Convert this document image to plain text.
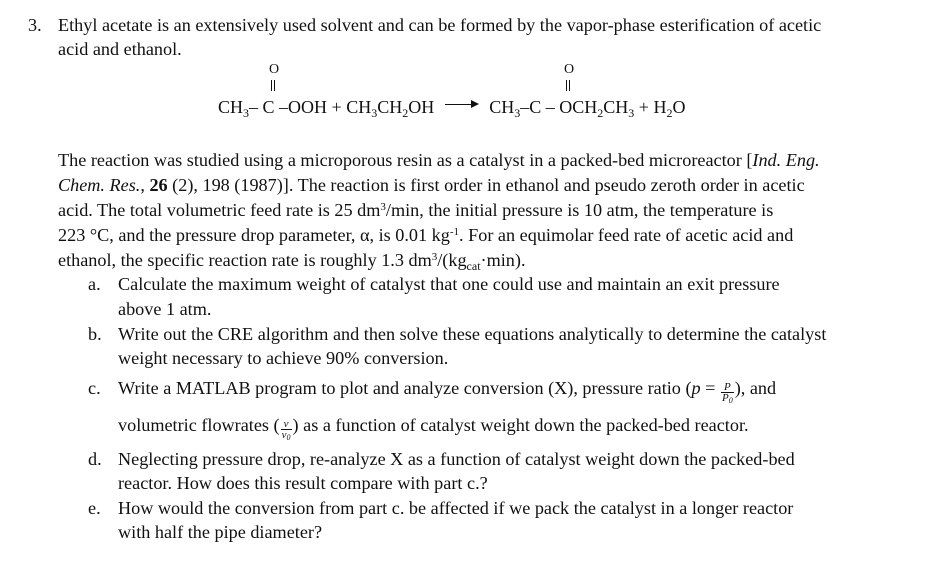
3. Ethyl acetate is an extensively used solvent and can be formed by the vapor-phase esterification of acetic
acid and ethanol.
O	O
$CH_3-$ C $-OOH + CH_3CH_2OH$	$CH_3-C - OCH_2CH_3 + H_2O$
The reaction was studied using a microporous resin as a catalyst in a packed-bed microreactor [Ind. Eng.
Chem. Res., 26 (2), 198 (1987)]. The reaction is first order in ethanol and pseudo zeroth order in acetic
acid. The total volumetric feed rate is 25 $dm^3/\min$, the initial pressure is 10 atm, the temperature is
223 °C, and the pressure drop parameter, α, is 0.01 $kg^{-1}$. For an equimolar feed rate of acetic acid and
ethanol, the specific reaction rate is roughly 1.3 $dm^3/(kg_{cat}\cdot\min)$.
a. Calculate the maximum weight of catalyst that one could use and maintain an exit pressure
above 1 atm.
b. Write out the CRE algorithm and then solve these equations analytically to determine the catalyst
weight necessary to achieve 90% conversion.
c. Write a MATLAB program to plot and analyze conversion (X), pressure ratio ($p = \frac{P}{P_0}$ ), and
volumetric flowrates ( $\frac{v}{v_0}$ ) as a function of catalyst weight down the packed-bed reactor.
d. Neglecting pressure drop, re-analyze X as a function of catalyst weight down the packed-bed
reactor. How does this result compare with part c.?
e. How would the conversion from part c. be affected if we pack the catalyst in a longer reactor
with half the pipe diameter?
